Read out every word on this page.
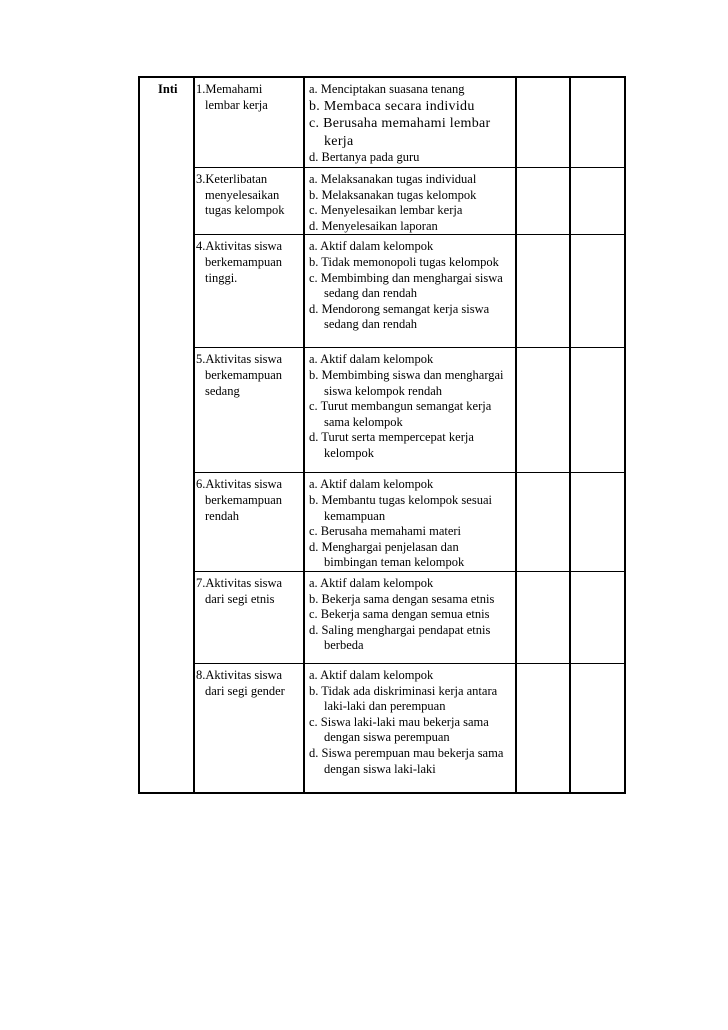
Inti	1.Memahami lembar kerja	a. Menciptakan suasana tenang
b. Membaca secara individu
c. Berusaha memahami lembar kerja
d. Bertanya pada guru		

	3.Keterlibatan menyelesaikan tugas kelompok	a. Melaksanakan tugas individual
b. Melaksanakan tugas kelompok
c. Menyelesaikan lembar kerja
d. Menyelesaikan laporan		

	4.Aktivitas siswa berkemampuan tinggi.	a. Aktif dalam kelompok
b. Tidak memonopoli tugas kelompok
c. Membimbing dan menghargai siswa sedang dan rendah
d. Mendorong semangat kerja siswa sedang dan rendah		

	5.Aktivitas siswa berkemampuan sedang	a. Aktif dalam kelompok
b. Membimbing siswa dan menghargai siswa kelompok rendah
c. Turut membangun semangat kerja sama kelompok
d. Turut serta mempercepat kerja kelompok		

	6.Aktivitas siswa berkemampuan rendah	a. Aktif dalam kelompok
b. Membantu tugas kelompok sesuai kemampuan
c. Berusaha memahami materi
d. Menghargai penjelasan dan bimbingan teman kelompok		

	7.Aktivitas siswa dari segi etnis	a. Aktif dalam kelompok
b. Bekerja sama dengan sesama etnis
c. Bekerja sama dengan semua etnis
d. Saling menghargai pendapat etnis berbeda		

	8.Aktivitas siswa dari segi gender	a. Aktif dalam kelompok
b. Tidak ada diskriminasi kerja antara laki-laki dan perempuan
c. Siswa laki-laki mau bekerja sama dengan siswa perempuan
d. Siswa perempuan mau bekerja sama dengan siswa laki-laki		
